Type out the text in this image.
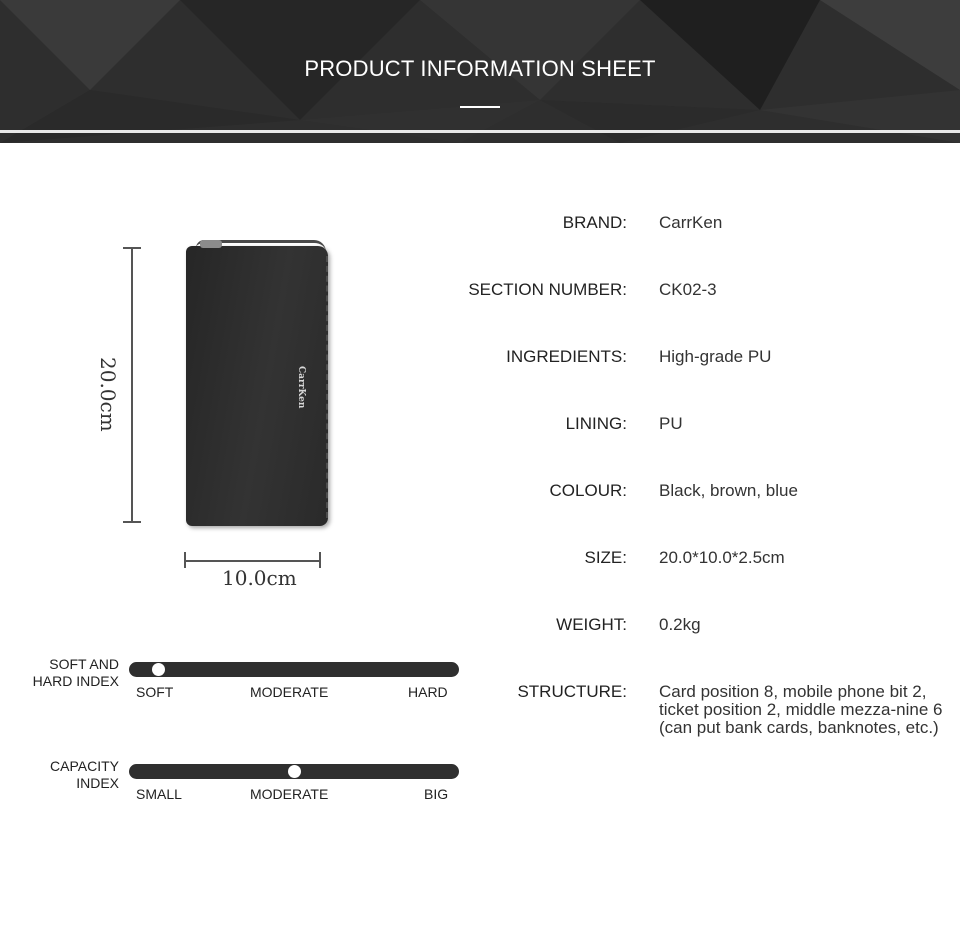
PRODUCT INFORMATION SHEET
20.0cm	CarrKen
10.0cm
SOFT AND
HARD INDEX
SOFT	MODERATE	HARD
CAPACITY
INDEX
SMALL	MODERATE	BIG
BRAND: CarrKen
SECTION NUMBER: CK02-3
INGREDIENTS: High-grade PU
LINING: PU
COLOUR: Black, brown, blue
SIZE: 20.0*10.0*2.5cm
WEIGHT: 0.2kg
STRUCTURE: Card position 8, mobile phone bit 2, ticket position 2, middle mezza-nine 6 (can put bank cards, banknotes, etc.)
